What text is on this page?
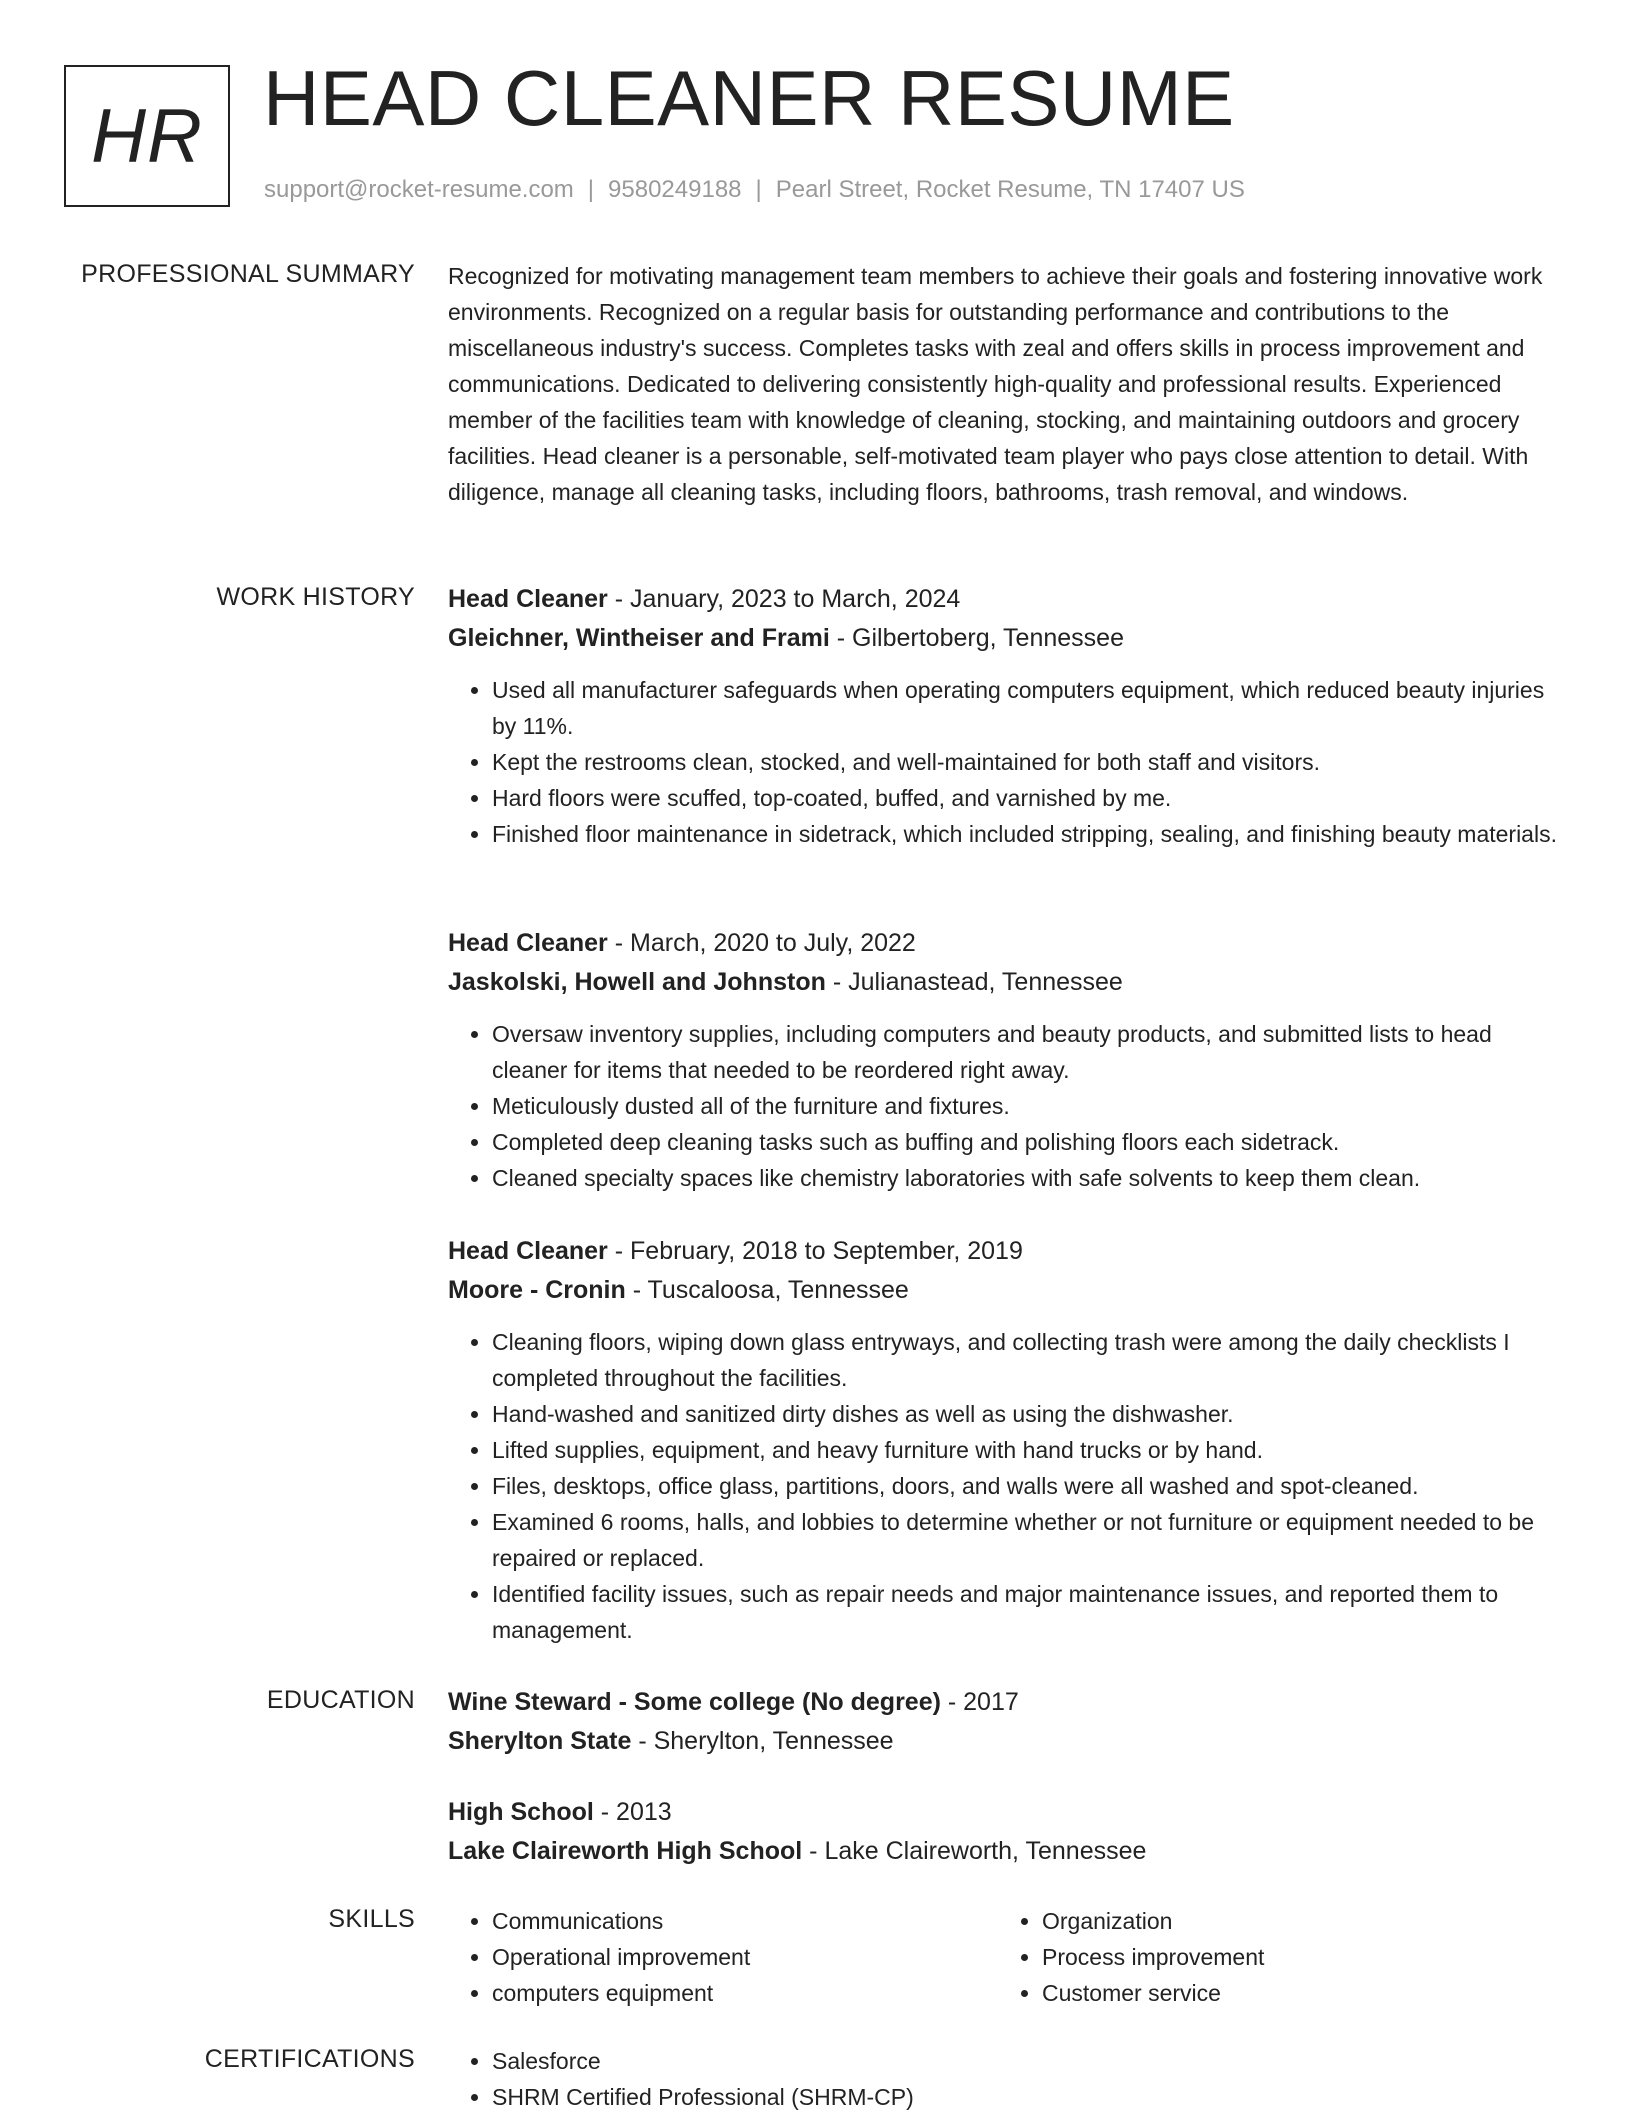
HR HEAD CLEANER RESUME
support@rocket-resume.com | 9580249188 | Pearl Street, Rocket Resume, TN 17407 US
PROFESSIONAL SUMMARY Recognized for motivating management team members to achieve their goals and fostering innovative work environments. Recognized on a regular basis for outstanding performance and contributions to the miscellaneous industry's success. Completes tasks with zeal and offers skills in process improvement and communications. Dedicated to delivering consistently high-quality and professional results. Experienced member of the facilities team with knowledge of cleaning, stocking, and maintaining outdoors and grocery facilities. Head cleaner is a personable, self-motivated team player who pays close attention to detail. With diligence, manage all cleaning tasks, including floors, bathrooms, trash removal, and windows.

WORK HISTORY Head Cleaner - January, 2023 to March, 2024
Gleichner, Wintheiser and Frami - Gilbertoberg, Tennessee
• Used all manufacturer safeguards when operating computers equipment, which reduced beauty injuries by 11%.
• Kept the restrooms clean, stocked, and well-maintained for both staff and visitors.
• Hard floors were scuffed, top-coated, buffed, and varnished by me.
• Finished floor maintenance in sidetrack, which included stripping, sealing, and finishing beauty materials.
Head Cleaner - March, 2020 to July, 2022
Jaskolski, Howell and Johnston - Julianastead, Tennessee
• Oversaw inventory supplies, including computers and beauty products, and submitted lists to head cleaner for items that needed to be reordered right away.
• Meticulously dusted all of the furniture and fixtures.
• Completed deep cleaning tasks such as buffing and polishing floors each sidetrack.
• Cleaned specialty spaces like chemistry laboratories with safe solvents to keep them clean.
Head Cleaner - February, 2018 to September, 2019
Moore - Cronin - Tuscaloosa, Tennessee
• Cleaning floors, wiping down glass entryways, and collecting trash were among the daily checklists I completed throughout the facilities.
• Hand-washed and sanitized dirty dishes as well as using the dishwasher.
• Lifted supplies, equipment, and heavy furniture with hand trucks or by hand.
• Files, desktops, office glass, partitions, doors, and walls were all washed and spot-cleaned.
• Examined 6 rooms, halls, and lobbies to determine whether or not furniture or equipment needed to be repaired or replaced.
• Identified facility issues, such as repair needs and major maintenance issues, and reported them to management.
EDUCATION Wine Steward - Some college (No degree) - 2017
Sherylton State - Sherylton, Tennessee
High School - 2013
Lake Claireworth High School - Lake Claireworth, Tennessee
SKILLS	• Communications
• Operational improvement
• computers equipment
• Organization
• Process improvement
• Customer service
CERTIFICATIONS	• Salesforce
• SHRM Certified Professional (SHRM-CP)
